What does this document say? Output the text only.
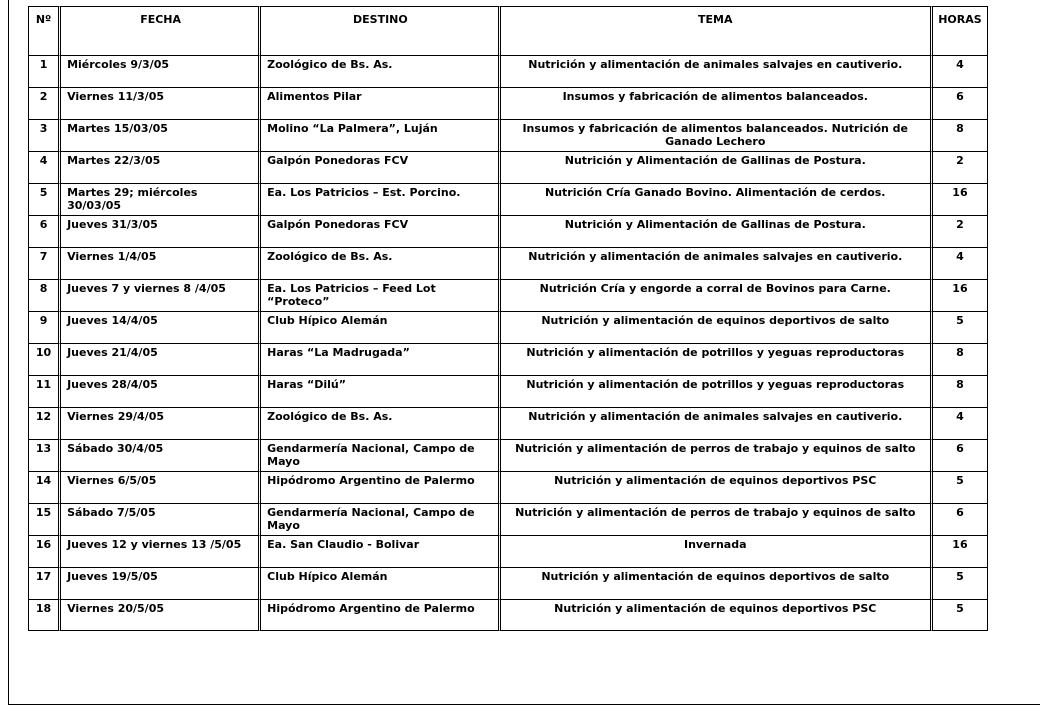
Nº	FECHA	DESTINO	TEMA	HORAS
1	Miércoles 9/3/05	Zoológico de Bs. As.	Nutrición y alimentación de animales salvajes en cautiverio.	4
2	Viernes 11/3/05	Alimentos Pilar	Insumos y fabricación de alimentos balanceados.	6
3	Martes 15/03/05	Molino “La Palmera”, Luján	Insumos y fabricación de alimentos balanceados. Nutrición de Ganado Lechero	8
4	Martes 22/3/05	Galpón Ponedoras FCV	Nutrición y Alimentación de Gallinas de Postura.	2
5	Martes 29; miércoles 30/03/05	Ea. Los Patricios – Est. Porcino.	Nutrición Cría Ganado Bovino. Alimentación de cerdos.	16
6	Jueves 31/3/05	Galpón Ponedoras FCV	Nutrición y Alimentación de Gallinas de Postura.	2
7	Viernes 1/4/05	Zoológico de Bs. As.	Nutrición y alimentación de animales salvajes en cautiverio.	4
8	Jueves 7 y viernes 8 /4/05	Ea. Los Patricios – Feed Lot “Proteco”	Nutrición Cría y engorde a corral de Bovinos para Carne.	16
9	Jueves 14/4/05	Club Hípico Alemán	Nutrición y alimentación de equinos deportivos de salto	5
10	Jueves 21/4/05	Haras “La Madrugada”	Nutrición y alimentación de potrillos y yeguas reproductoras	8
11	Jueves 28/4/05	Haras “Dilú”	Nutrición y alimentación de potrillos y yeguas reproductoras	8
12	Viernes 29/4/05	Zoológico de Bs. As.	Nutrición y alimentación de animales salvajes en cautiverio.	4
13	Sábado 30/4/05	Gendarmería Nacional, Campo de Mayo	Nutrición y alimentación de perros de trabajo y equinos de salto	6
14	Viernes 6/5/05	Hipódromo Argentino de Palermo	Nutrición y alimentación de equinos deportivos PSC	5
15	Sábado 7/5/05	Gendarmería Nacional, Campo de Mayo	Nutrición y alimentación de perros de trabajo y equinos de salto	6
16	Jueves 12 y viernes 13 /5/05	Ea. San Claudio - Bolivar	Invernada	16
17	Jueves 19/5/05	Club Hípico Alemán	Nutrición y alimentación de equinos deportivos de salto	5
18	Viernes 20/5/05	Hipódromo Argentino de Palermo	Nutrición y alimentación de equinos deportivos PSC	5
